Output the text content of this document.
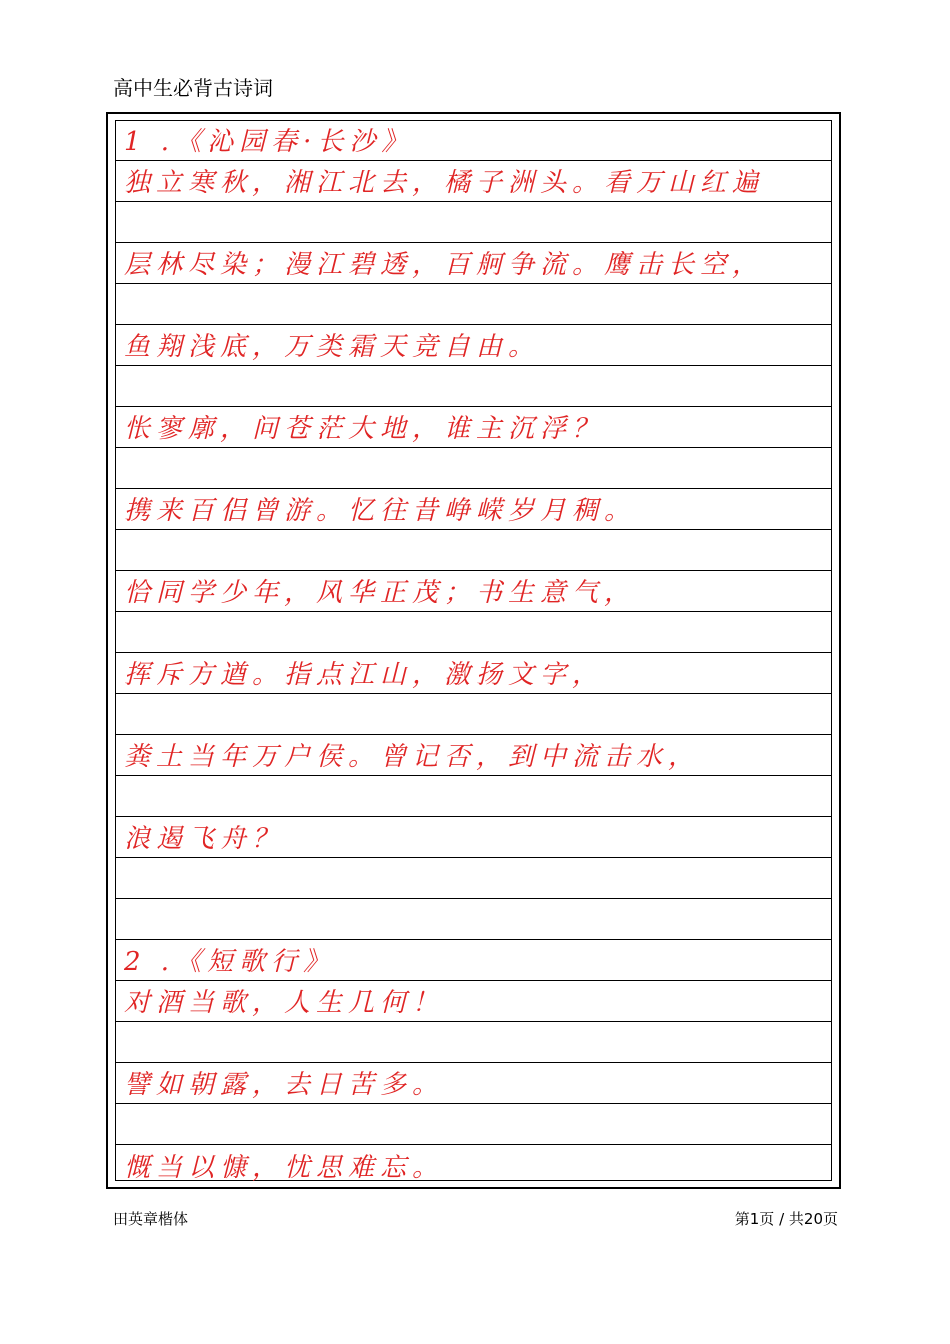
高中生必背古诗词
1 .《沁园春·长沙》
独立寒秋，湘江北去，橘子洲头。看万山红遍
层林尽染；漫江碧透，百舸争流。鹰击长空，
鱼翔浅底，万类霜天竞自由。
怅寥廓，问苍茫大地，谁主沉浮？
携来百侣曾游。忆往昔峥嵘岁月稠。
恰同学少年，风华正茂；书生意气，
挥斥方遒。指点江山，激扬文字，
粪土当年万户侯。曾记否，到中流击水，
浪遏飞舟？
2 .《短歌行》
对酒当歌，人生几何！
譬如朝露，去日苦多。
慨当以慷，忧思难忘。
田英章楷体	第1页 / 共20页
